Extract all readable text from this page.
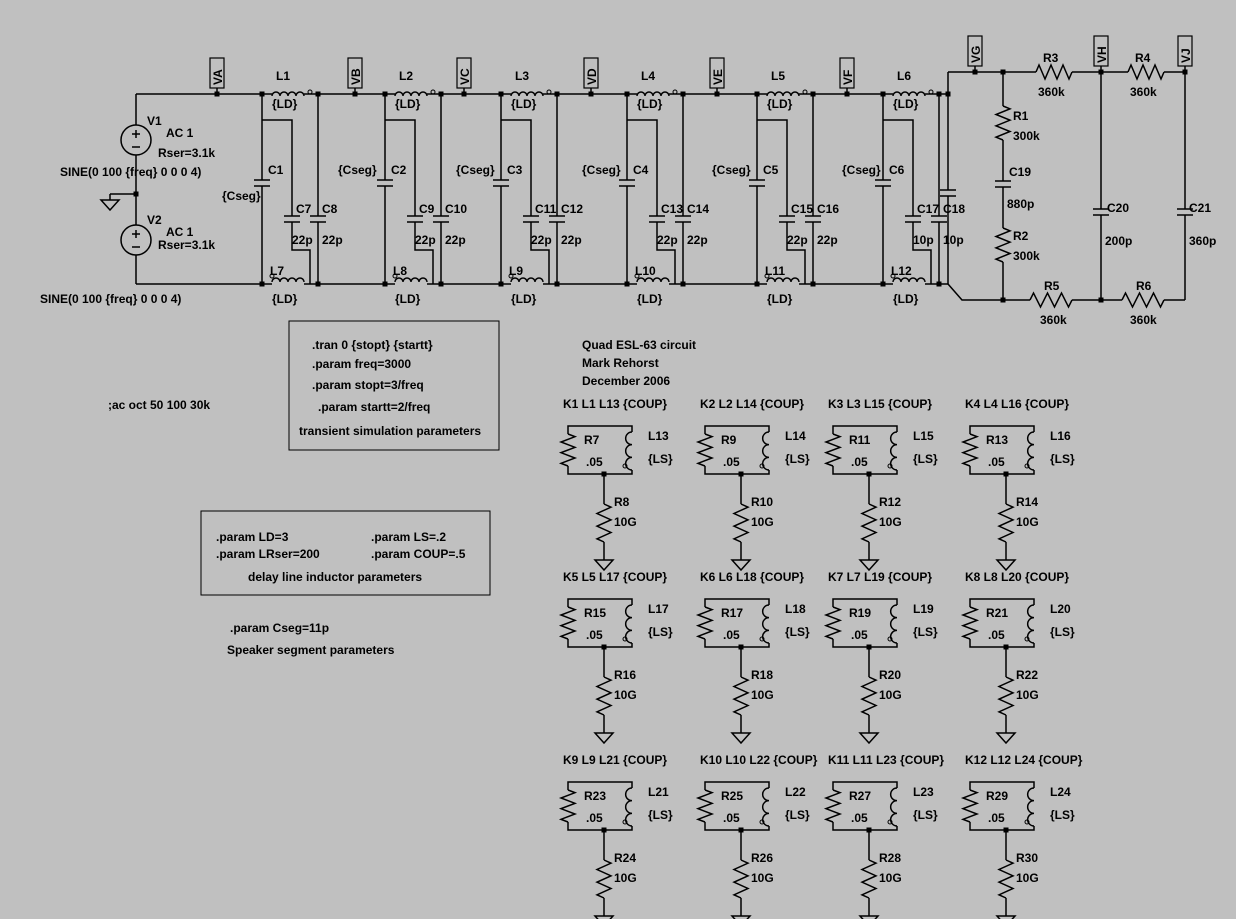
V1
AC 1
Rser=3.1k
SINE(0 100 {freq} 0 0 0 4)
V2
AC 1
Rser=3.1k
SINE(0 100 {freq} 0 0 0 4)
VA	VB	VC	VD	VE	VF
L1
{LD}
L7
{LD}
C1
C7 C8
22p 22p
L2
{LD}
L8
{LD}
C2
C9 C10
22p 22p
L3
{LD}
L9
{LD}
C3
C11 C12
22p 22p
L4
{LD}
L10
{LD}
C4
C13 C14
22p 22p
L5
{LD}
L11
{LD}
C5
C15 C16
22p 22p
L6
{LD}
L12
{LD}
C6
C17 C18
10p 10p
{Cseg}
{Cseg}	{Cseg}	{Cseg}	{Cseg}	{Cseg}
VG	R3
360k
R4
360k
VH	VJ
R1
300k
C19
880p
R2
300k
C20
200p
C21
360p
R5
360k
R6
360k
.tran 0 {stopt} {startt}
.param freq=3000
.param stopt=3/freq
.param startt=2/freq
transient simulation parameters
Quad ESL-63 circuit
Mark Rehorst
December 2006
;ac oct 50 100 30k
.param LD=3
.param LRser=200
.param LS=.2
.param COUP=.5
delay line inductor parameters
.param Cseg=11p
Speaker segment parameters
K1 L1 L13 {COUP}
R7
.05
L13
{LS}
R8
10G
K2 L2 L14 {COUP}
R9
.05
L14
{LS}
R10
10G
K3 L3 L15 {COUP}
R11
.05
L15
{LS}
R12
10G
K4 L4 L16 {COUP}
R13
.05
L16
{LS}
R14
10G
K5 L5 L17 {COUP}
R15
.05
L17
{LS}
R16
10G
K6 L6 L18 {COUP}
R17
.05
L18
{LS}
R18
10G
K7 L7 L19 {COUP}
R19
.05
L19
{LS}
R20
10G
K8 L8 L20 {COUP}
R21
.05
L20
{LS}
R22
10G
K9 L9 L21 {COUP}
R23
.05
L21
{LS}
R24
10G
K10 L10 L22 {COUP}
R25
.05
L22
{LS}
R26
10G
K11 L11 L23 {COUP}
R27
.05
L23
{LS}
R28
10G
K12 L12 L24 {COUP}
R29
.05
L24
{LS}
R30
10G
